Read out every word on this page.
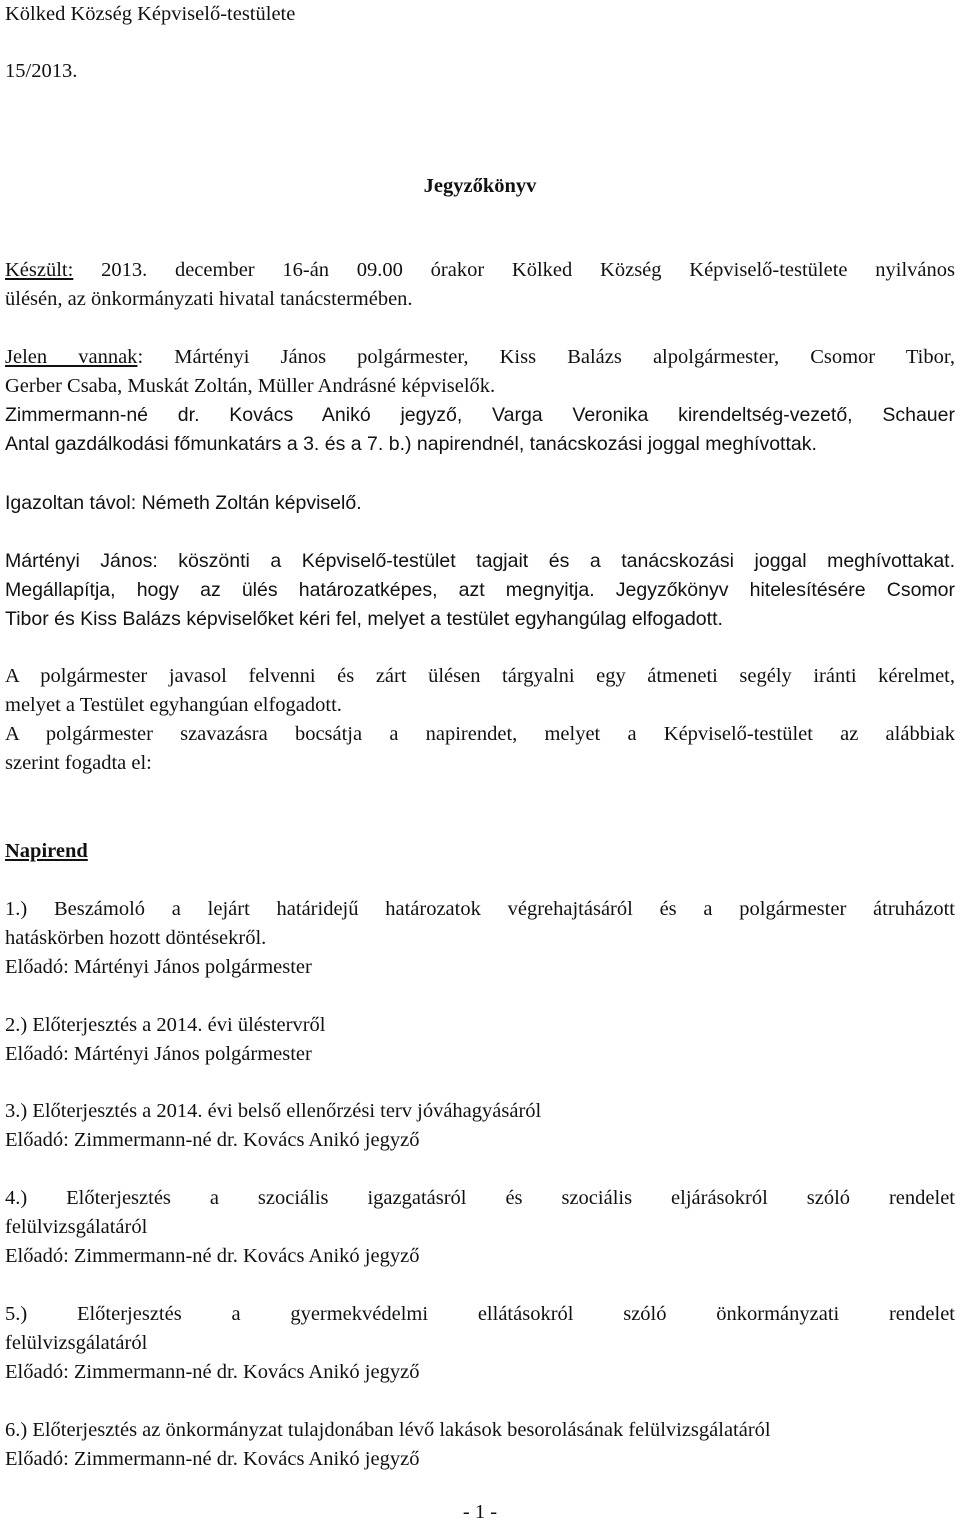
Kölked Község Képviselő-testülete

15/2013.

Jegyzőkönyv

Készült: 2013. december 16-án 09.00 órakor Kölked Község Képviselő-testülete nyilvános

ülésén, az önkormányzati hivatal tanácstermében.

Jelen vannak: Mártényi János polgármester, Kiss Balázs alpolgármester, Csomor Tibor,

Gerber Csaba, Muskát Zoltán, Müller Andrásné képviselők.

Zimmermann-né dr. Kovács Anikó jegyző, Varga Veronika kirendeltség-vezető, Schauer

Antal gazdálkodási főmunkatárs a 3. és a 7. b.) napirendnél, tanácskozási joggal meghívottak.

Igazoltan távol: Németh Zoltán képviselő.

Mártényi János: köszönti a Képviselő-testület tagjait és a tanácskozási joggal meghívottakat.

Megállapítja, hogy az ülés határozatképes, azt megnyitja. Jegyzőkönyv hitelesítésére Csomor

Tibor és Kiss Balázs képviselőket kéri fel, melyet a testület egyhangúlag elfogadott.

A polgármester javasol felvenni és zárt ülésen tárgyalni egy átmeneti segély iránti kérelmet,

melyet a Testület egyhangúan elfogadott.

A polgármester szavazásra bocsátja a napirendet, melyet a Képviselő-testület az alábbiak

szerint fogadta el:

Napirend

1.) Beszámoló a lejárt határidejű határozatok végrehajtásáról és a polgármester átruházott

hatáskörben hozott döntésekről.

Előadó: Mártényi János polgármester

2.) Előterjesztés a 2014. évi üléstervről

Előadó: Mártényi János polgármester

3.) Előterjesztés a 2014. évi belső ellenőrzési terv jóváhagyásáról

Előadó: Zimmermann-né dr. Kovács Anikó jegyző

4.) Előterjesztés a szociális igazgatásról és szociális eljárásokról szóló rendelet

felülvizsgálatáról

Előadó: Zimmermann-né dr. Kovács Anikó jegyző

5.) Előterjesztés a gyermekvédelmi ellátásokról szóló önkormányzati rendelet

felülvizsgálatáról

Előadó: Zimmermann-né dr. Kovács Anikó jegyző

6.) Előterjesztés az önkormányzat tulajdonában lévő lakások besorolásának felülvizsgálatáról

Előadó: Zimmermann-né dr. Kovács Anikó jegyző

- 1 -
